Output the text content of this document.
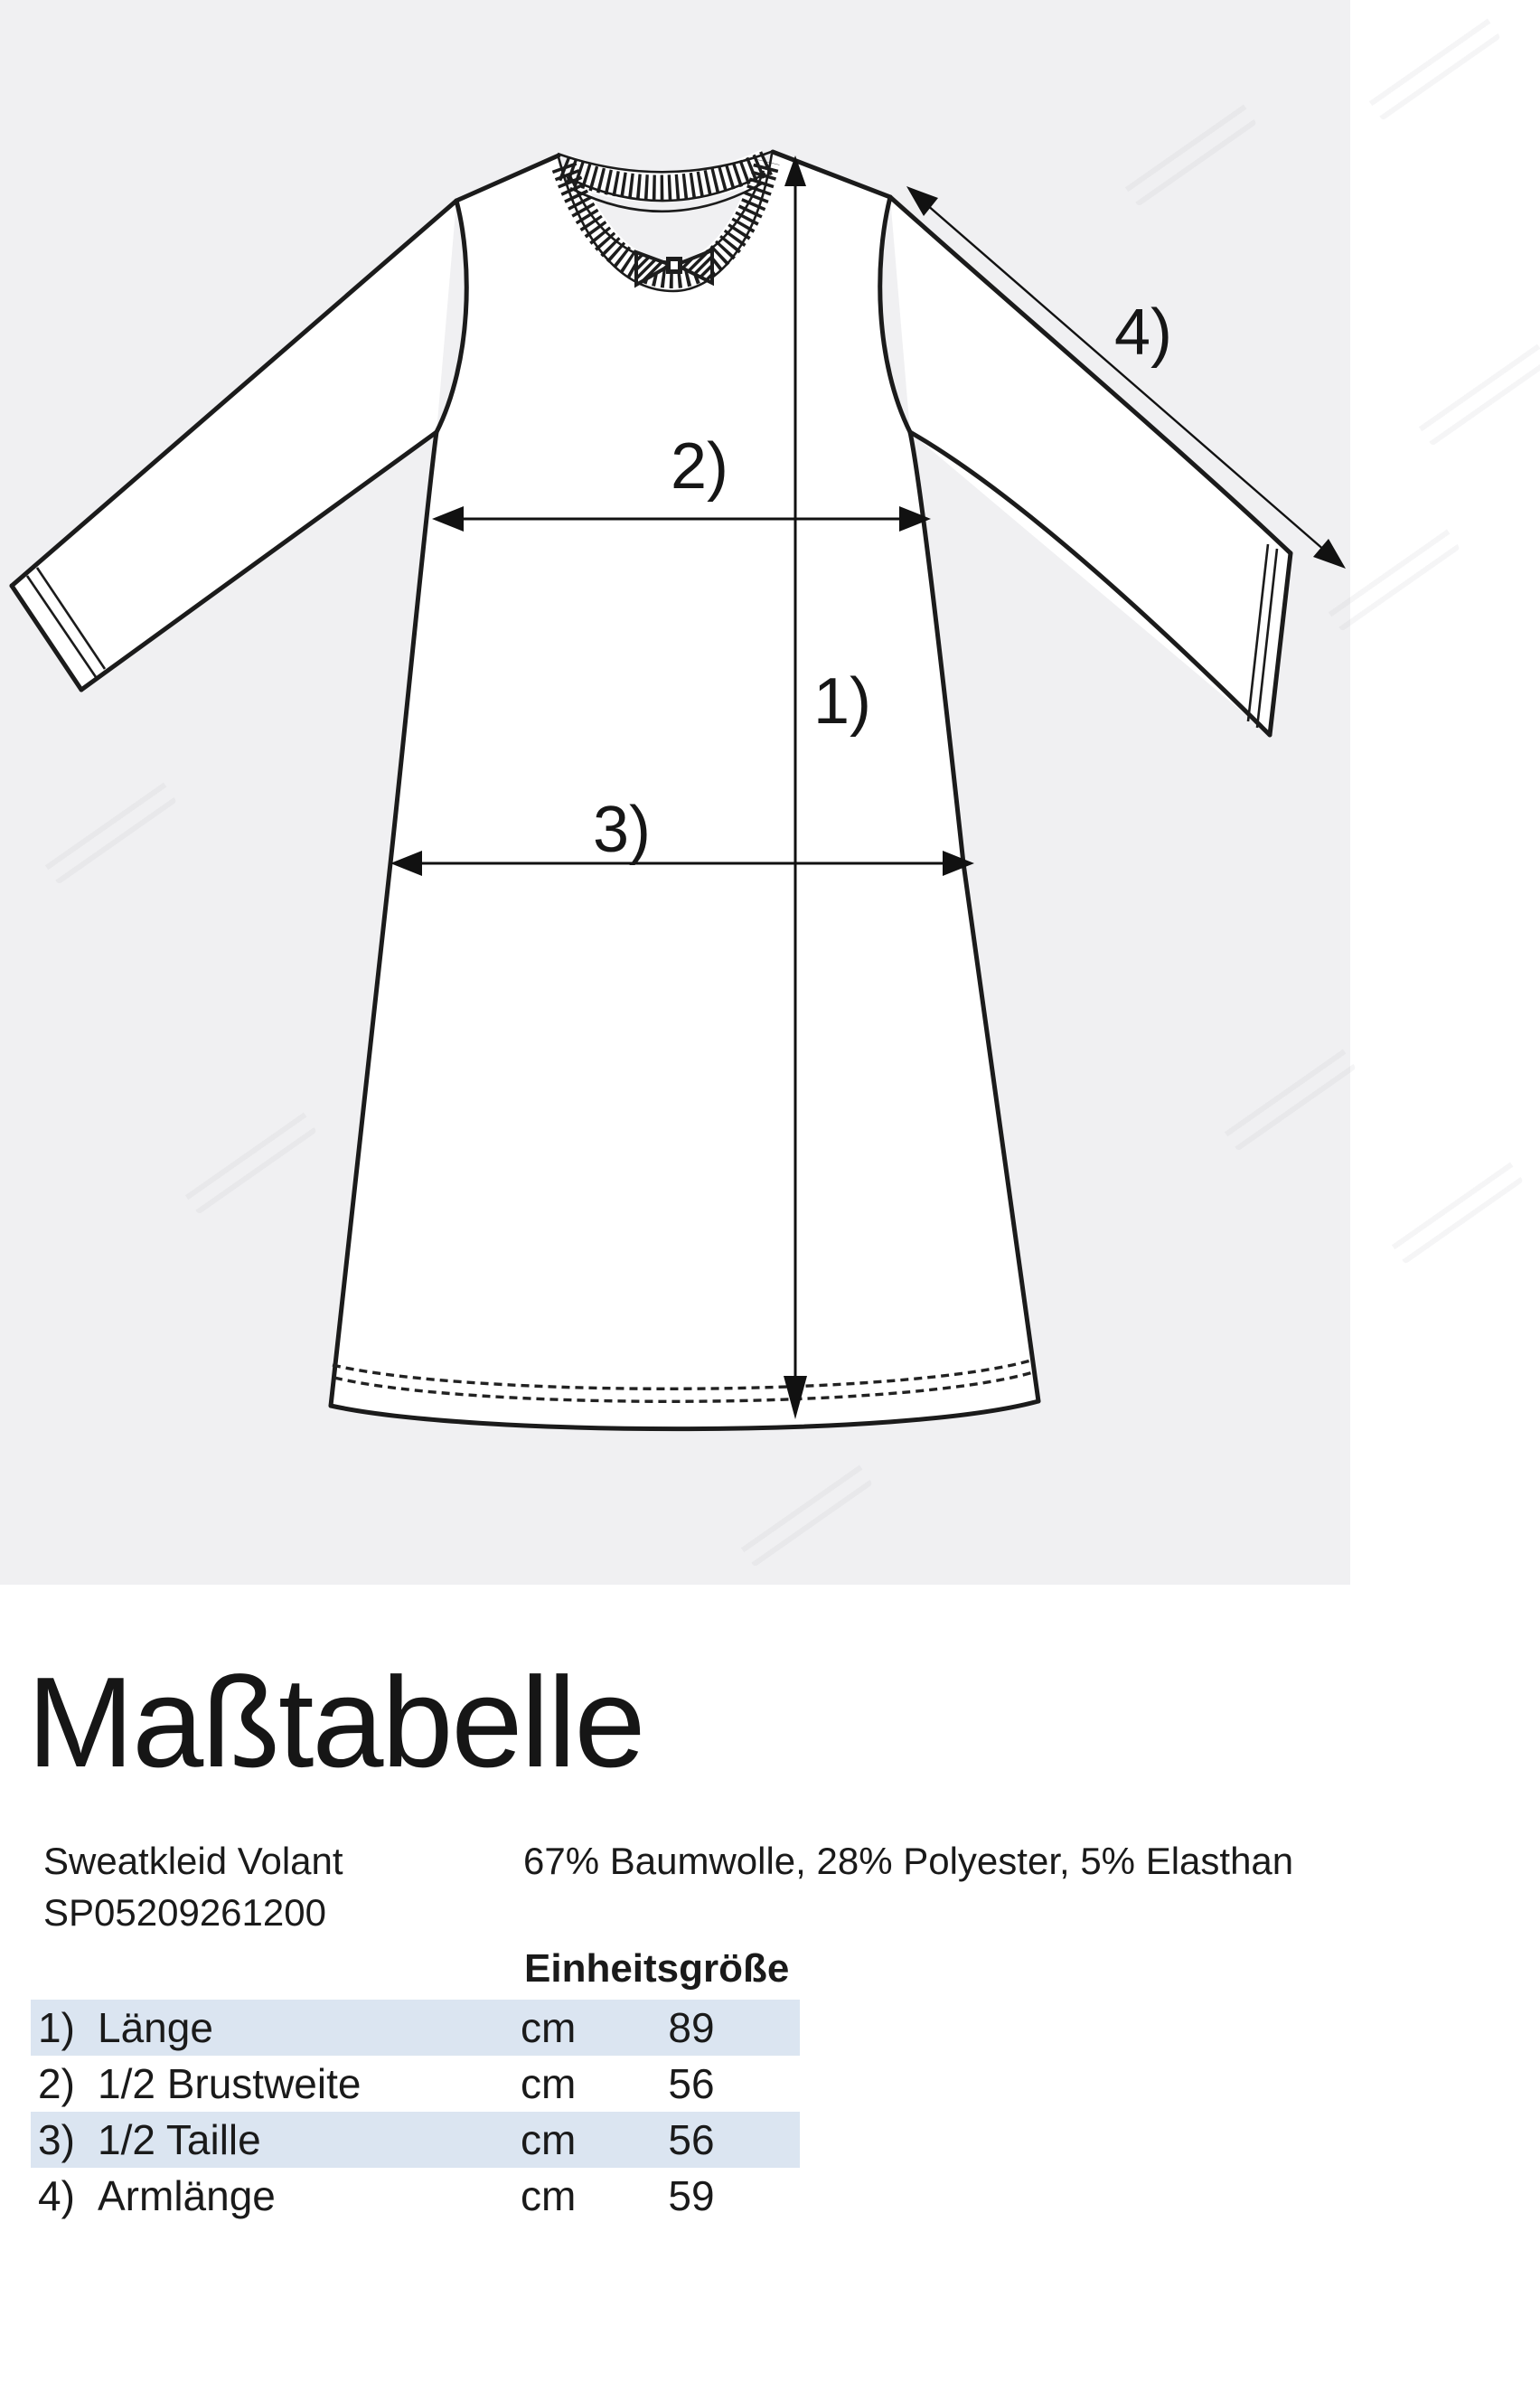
1)
2)
3)
4)
Maßtabelle
Sweatkleid Volant
SP05209261200
67% Baumwolle, 28% Polyester, 5% Elasthan
Einheitsgröße
1) Länge	cm	89
2) 1/2 Brustweite	cm	56
3) 1/2 Taille	cm	56
4) Armlänge	cm	59
